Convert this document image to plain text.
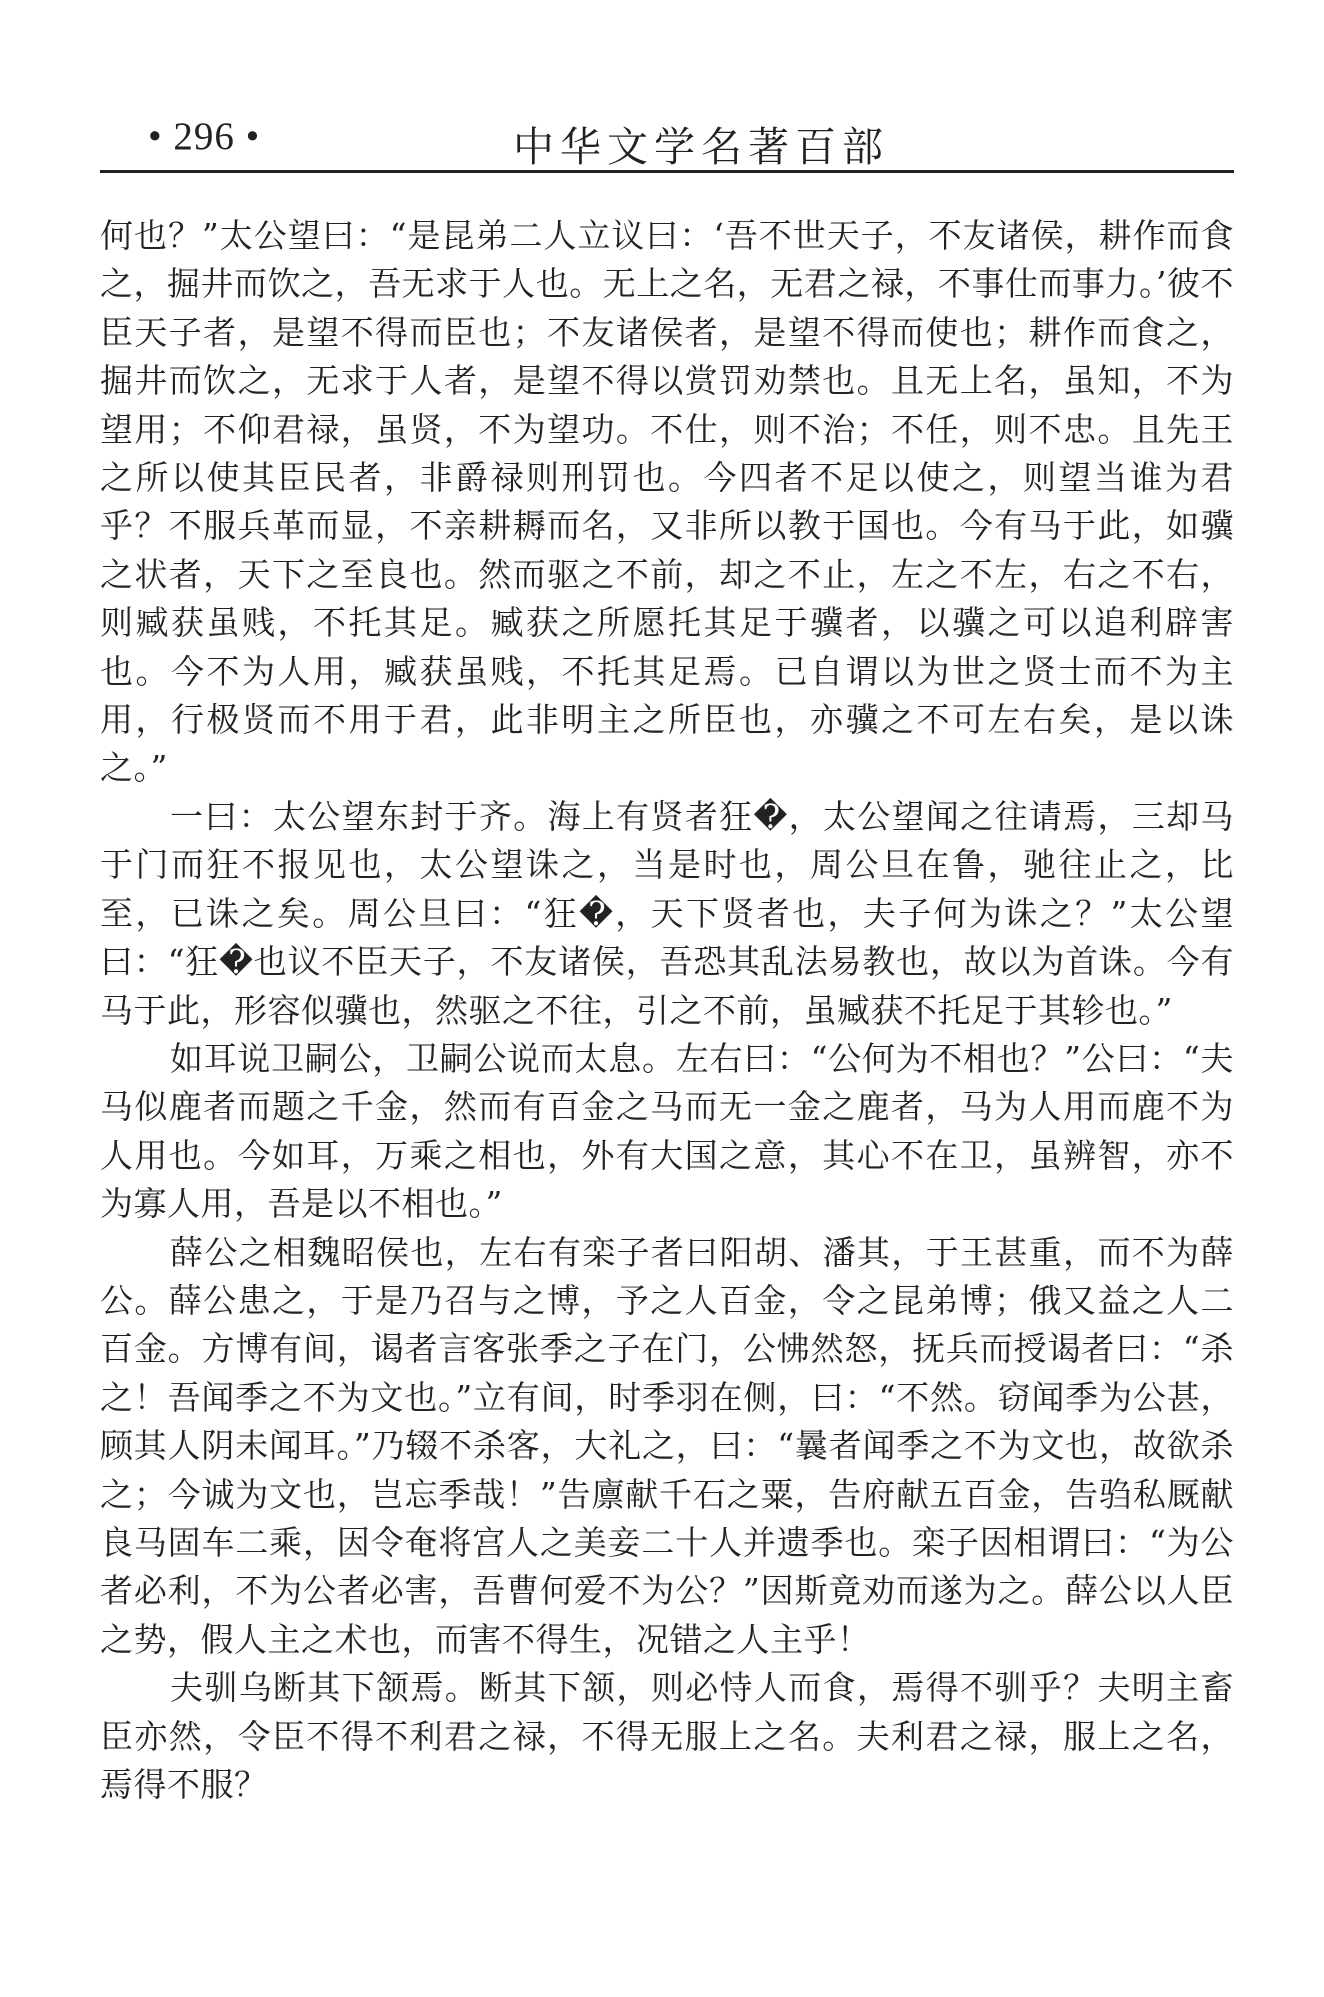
• 296 •	中华文学名著百部

何也？”太公望曰：“是昆弟二人立议曰：‘吾不世天子，不友诸侯，耕作而食之，掘井而饮之，吾无求于人也。无上之名，无君之禄，不事仕而事力。’彼不臣天子者，是望不得而臣也；不友诸侯者，是望不得而使也；耕作而食之，掘井而饮之，无求于人者，是望不得以赏罚劝禁也。且无上名，虽知，不为望用；不仰君禄，虽贤，不为望功。不仕，则不治；不任，则不忠。且先王之所以使其臣民者，非爵禄则刑罚也。今四者不足以使之，则望当谁为君乎？不服兵革而显，不亲耕耨而名，又非所以教于国也。今有马于此，如骥之状者，天下之至良也。然而驱之不前，却之不止，左之不左，右之不右，则臧获虽贱，不托其足。臧获之所愿托其足于骥者，以骥之可以追利辟害也。今不为人用，臧获虽贱，不托其足焉。已自谓以为世之贤士而不为主用，行极贤而不用于君，此非明主之所臣也，亦骥之不可左右矣，是以诛之。”

一曰：太公望东封于齐。海上有贤者狂�，太公望闻之往请焉，三却马于门而狂不报见也，太公望诛之，当是时也，周公旦在鲁，驰往止之，比至，已诛之矣。周公旦曰：“狂�，天下贤者也，夫子何为诛之？”太公望曰：“狂�也议不臣天子，不友诸侯，吾恐其乱法易教也，故以为首诛。今有马于此，形容似骥也，然驱之不往，引之不前，虽臧获不托足于其轸也。”

如耳说卫嗣公，卫嗣公说而太息。左右曰：“公何为不相也？”公曰：“夫马似鹿者而题之千金，然而有百金之马而无一金之鹿者，马为人用而鹿不为人用也。今如耳，万乘之相也，外有大国之意，其心不在卫，虽辨智，亦不为寡人用，吾是以不相也。”

薛公之相魏昭侯也，左右有栾子者曰阳胡、潘其，于王甚重，而不为薛公。薛公患之，于是乃召与之博，予之人百金，令之昆弟博；俄又益之人二百金。方博有间，谒者言客张季之子在门，公怫然怒，抚兵而授谒者曰：“杀之！吾闻季之不为文也。”立有间，时季羽在侧，曰：“不然。窃闻季为公甚，顾其人阴未闻耳。”乃辍不杀客，大礼之，曰：“曩者闻季之不为文也，故欲杀之；今诚为文也，岂忘季哉！”告廪献千石之粟，告府献五百金，告驺私厩献良马固车二乘，因令奄将宫人之美妾二十人并遗季也。栾子因相谓曰：“为公者必利，不为公者必害，吾曹何爱不为公？”因斯竟劝而遂为之。薛公以人臣之势，假人主之术也，而害不得生，况错之人主乎！

夫驯乌断其下颔焉。断其下颔，则必恃人而食，焉得不驯乎？夫明主畜臣亦然，令臣不得不利君之禄，不得无服上之名。夫利君之禄，服上之名，焉得不服？
